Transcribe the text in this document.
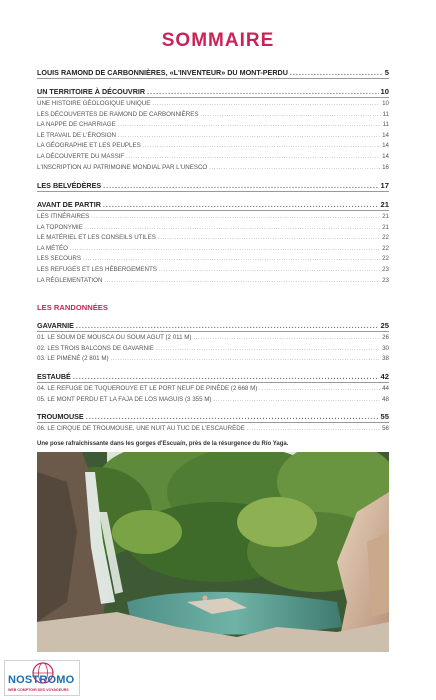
SOMMAIRE
LOUIS RAMOND DE CARBONNIÈRES, «L'INVENTEUR» DU MONT-PERDU .....	5
UN TERRITOIRE À DÉCOUVRIR .....	10
UNE HISTOIRE GÉOLOGIQUE UNIQUE .....	10
LES DÉCOUVERTES DE RAMOND DE CARBONNIÈRES .....	11
LA NAPPE DE CHARRIAGE .....	11
LE TRAVAIL DE L'ÉROSION .....	14
LA GÉOGRAPHIE ET LES PEUPLES .....	14
LA DÉCOUVERTE DU MASSIF .....	14
L'INSCRIPTION AU PATRIMOINE MONDIAL PAR L'UNESCO .....	16
LES BELVÉDÈRES .....	17
AVANT DE PARTIR .....	21
LES ITINÉRAIRES .....	21
LA TOPONYMIE .....	21
LE MATÉRIEL ET LES CONSEILS UTILES .....	22
LA MÉTÉO .....	22
LES SECOURS .....	22
LES REFUGES ET LES HÉBERGEMENTS .....	23
LA RÉGLEMENTATION .....	23
LES RANDONNÉES
GAVARNIE .....	25
01. LE SOUM DE MOUSCA OU SOUM AGUT (2 011 M) .....	26
02. LES TROIS BALCONS DE GAVARNIE .....	30
03. LE PIMENÉ (2 801 M) .....	38
ESTAUBÉ .....	42
04. LE REFUGE DE TUQUEROUYE ET LE PORT NEUF DE PINÈDE (2 668 M) .....	44
05. LE MONT PERDU ET LA FAJA DE LOS MAGUIS (3 355 M) .....	48
TROUMOUSE .....	55
06. LE CIRQUE DE TROUMOUSE, UNE NUIT AU TUC DE L'ESCAURÈDE .....	56
Une pose rafraîchissante dans les gorges d'Escuaín, près de la résurgence du Río Yaga.
NOSTROMO
WEB COMPTOIR DES VOYAGEURS
